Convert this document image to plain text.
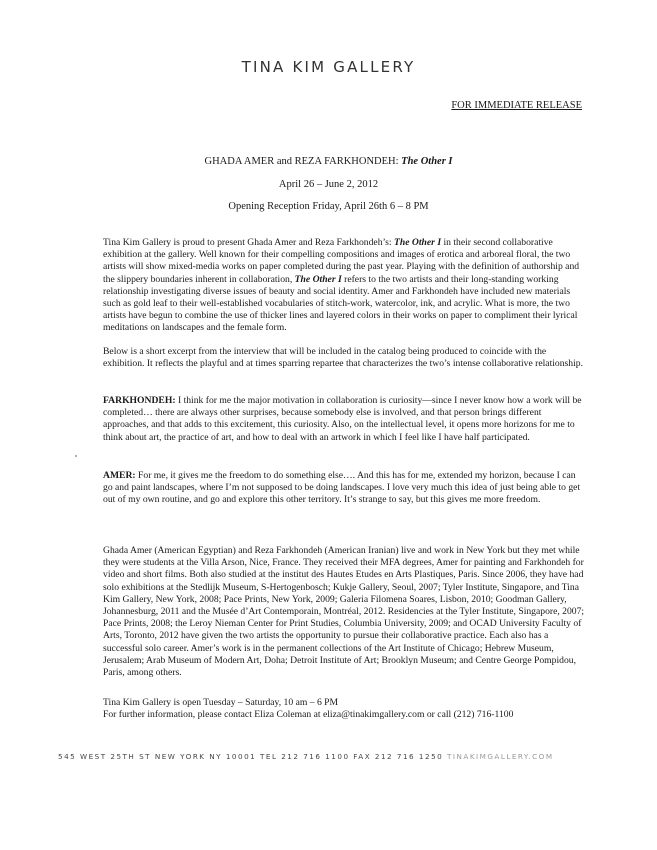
TINA KIM GALLERY
FOR IMMEDIATE RELEASE
GHADA AMER and REZA FARKHONDEH: The Other I
April 26 – June 2, 2012
Opening Reception Friday, April 26th 6 – 8 PM

Tina Kim Gallery is proud to present Ghada Amer and Reza Farkhondeh’s: The Other I in their second collaborative exhibition at the gallery. Well known for their compelling compositions and images of erotica and arboreal floral, the two artists will show mixed-media works on paper completed during the past year. Playing with the definition of authorship and the slippery boundaries inherent in collaboration, The Other I refers to the two artists and their long-standing working relationship investigating diverse issues of beauty and social identity. Amer and Farkhondeh have included new materials such as gold leaf to their well-established vocabularies of stitch-work, watercolor, ink, and acrylic. What is more, the two artists have begun to combine the use of thicker lines and layered colors in their works on paper to compliment their lyrical meditations on landscapes and the female form.

Below is a short excerpt from the interview that will be included in the catalog being produced to coincide with the exhibition. It reflects the playful and at times sparring repartee that characterizes the two’s intense collaborative relationship.

FARKHONDEH: I think for me the major motivation in collaboration is curiosity—since I never know how a work will be completed… there are always other surprises, because somebody else is involved, and that person brings different approaches, and that adds to this excitement, this curiosity. Also, on the intellectual level, it opens more horizons for me to think about art, the practice of art, and how to deal with an artwork in which I feel like I have half participated.

AMER: For me, it gives me the freedom to do something else…. And this has for me, extended my horizon, because I can go and paint landscapes, where I’m not supposed to be doing landscapes. I love very much this idea of just being able to get out of my own routine, and go and explore this other territory. It’s strange to say, but this gives me more freedom.

Ghada Amer (American Egyptian) and Reza Farkhondeh (American Iranian) live and work in New York but they met while they were students at the Villa Arson, Nice, France. They received their MFA degrees, Amer for painting and Farkhondeh for video and short films. Both also studied at the institut des Hautes Etudes en Arts Plastiques, Paris. Since 2006, they have had solo exhibitions at the Stedlijk Museum, S-Hertogenbosch; Kukje Gallery, Seoul, 2007; Tyler Institute, Singapore, and Tina Kim Gallery, New York, 2008; Pace Prints, New York, 2009; Galeria Filomena Soares, Lisbon, 2010; Goodman Gallery, Johannesburg, 2011 and the Musée d’Art Contemporain, Montréal, 2012. Residencies at the Tyler Institute, Singapore, 2007; Pace Prints, 2008; the Leroy Nieman Center for Print Studies, Columbia University, 2009; and OCAD University Faculty of Arts, Toronto, 2012 have given the two artists the opportunity to pursue their collaborative practice. Each also has a successful solo career. Amer’s work is in the permanent collections of the Art Institute of Chicago; Hebrew Museum, Jerusalem; Arab Museum of Modern Art, Doha; Detroit Institute of Art; Brooklyn Museum; and Centre George Pompidou, Paris, among others.

Tina Kim Gallery is open Tuesday – Saturday, 10 am – 6 PM

For further information, please contact Eliza Coleman at eliza@tinakimgallery.com or call (212) 716-1100

545 WEST 25TH ST NEW YORK NY 10001 TEL 212 716 1100 FAX 212 716 1250 TINAKIMGALLERY.COM
